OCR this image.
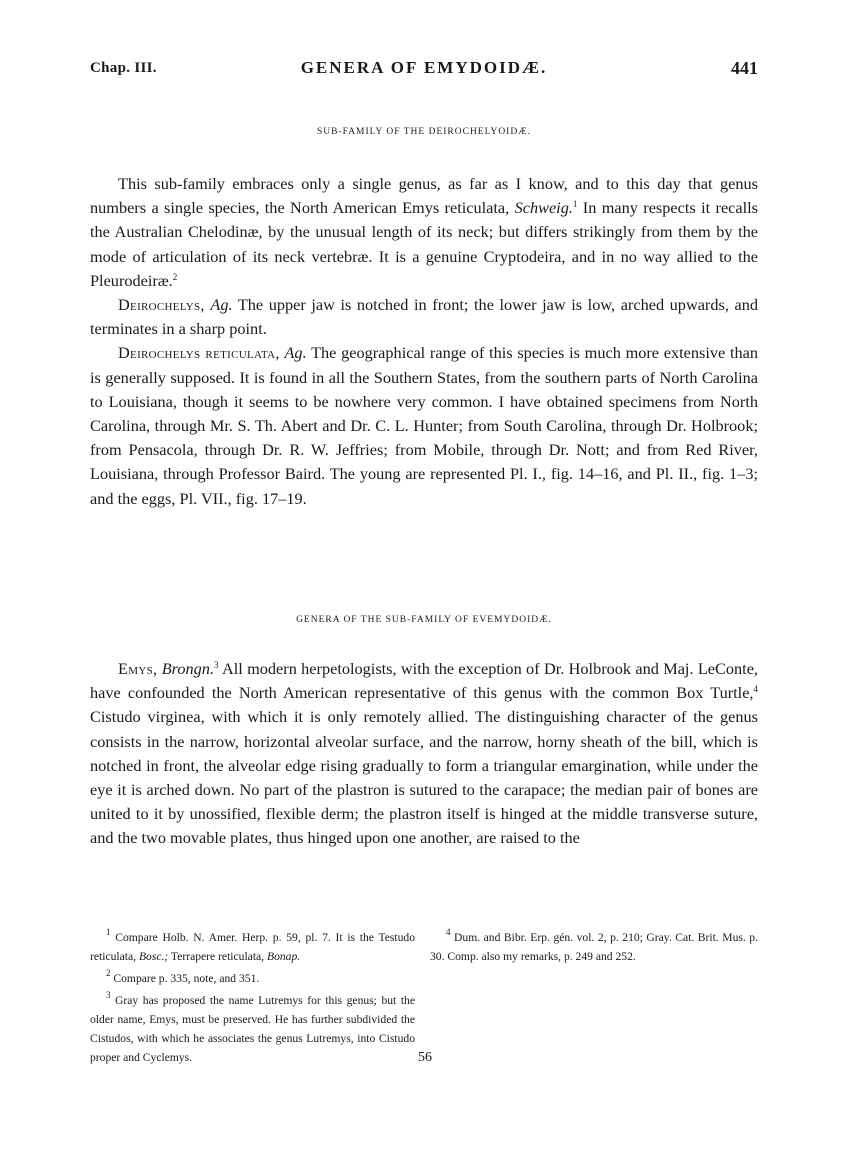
Chap. III.	GENERA OF EMYDOIDÆ.	441
SUB-FAMILY OF THE DEIROCHELYOIDÆ.

This sub-family embraces only a single genus, as far as I know, and to this day that genus numbers a single species, the North American Emys reticulata, Schweig.$^1$ In many respects it recalls the Australian Chelodinæ, by the unusual length of its neck; but differs strikingly from them by the mode of articulation of its neck vertebræ. It is a genuine Cryptodeira, and in no way allied to the Pleurodeiræ.$^2$

Deirochelys, Ag. The upper jaw is notched in front; the lower jaw is low, arched upwards, and terminates in a sharp point.

Deirochelys reticulata, Ag. The geographical range of this species is much more extensive than is generally supposed. It is found in all the Southern States, from the southern parts of North Carolina to Louisiana, though it seems to be nowhere very common. I have obtained specimens from North Carolina, through Mr. S. Th. Abert and Dr. C. L. Hunter; from South Carolina, through Dr. Holbrook; from Pensacola, through Dr. R. W. Jeffries; from Mobile, through Dr. Nott; and from Red River, Louisiana, through Professor Baird. The young are represented Pl. I., fig. 14–16, and Pl. II., fig. 1–3; and the eggs, Pl. VII., fig. 17–19.

GENERA OF THE SUB-FAMILY OF EVEMYDOIDÆ.

Emys, Brongn.$^3$ All modern herpetologists, with the exception of Dr. Holbrook and Maj. LeConte, have confounded the North American representative of this genus with the common Box Turtle,$^4$ Cistudo virginea, with which it is only remotely allied. The distinguishing character of the genus consists in the narrow, horizontal alveolar surface, and the narrow, horny sheath of the bill, which is notched in front, the alveolar edge rising gradually to form a triangular emargination, while under the eye it is arched down. No part of the plastron is sutured to the carapace; the median pair of bones are united to it by unossified, flexible derm; the plastron itself is hinged at the middle transverse suture, and the two movable plates, thus hinged upon one another, are raised to the

$^1$ Compare Holb. N. Amer. Herp. p. 59, pl. 7. It is the Testudo reticulata, Bosc.; Terrapere reticulata, Bonap.

$^2$ Compare p. 335, note, and 351.

$^3$ Gray has proposed the name Lutremys for this genus; but the older name, Emys, must be preserved. He has further subdivided the Cistudos, with which he associates the genus Lutremys, into Cistudo proper and Cyclemys.

$^4$ Dum. and Bibr. Erp. gén. vol. 2, p. 210; Gray. Cat. Brit. Mus. p. 30. Comp. also my remarks, p. 249 and 252.

56
